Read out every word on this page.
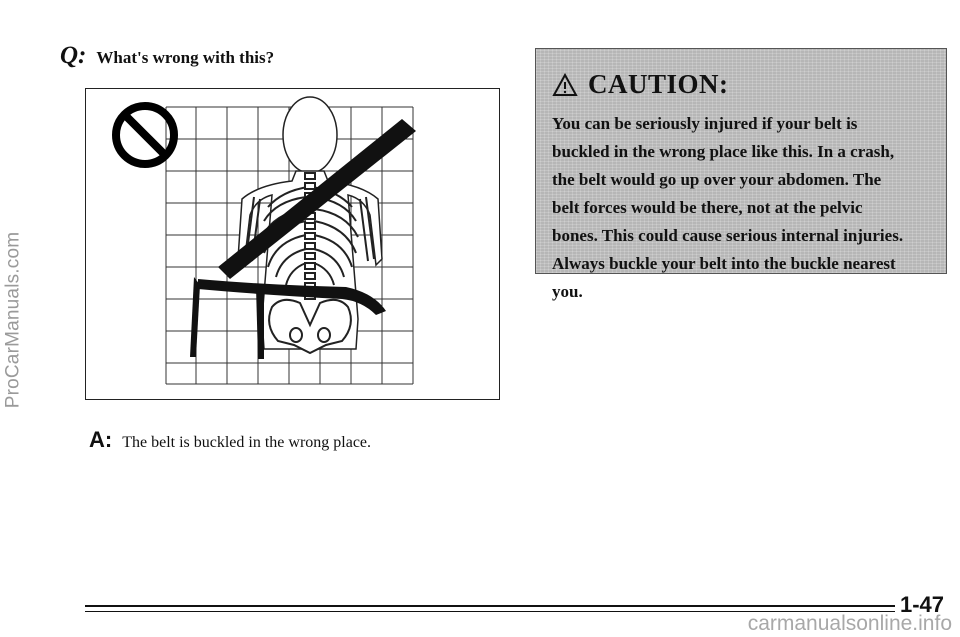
ProCarManuals.com
Q: What's wrong with this?
A: The belt is buckled in the wrong place.
CAUTION:

You can be seriously injured if your belt is
buckled in the wrong place like this. In a crash,
the belt would go up over your abdomen. The
belt forces would be there, not at the pelvic
bones. This could cause serious internal injuries.
Always buckle your belt into the buckle nearest
you.

1-47
carmanualsonline.info
